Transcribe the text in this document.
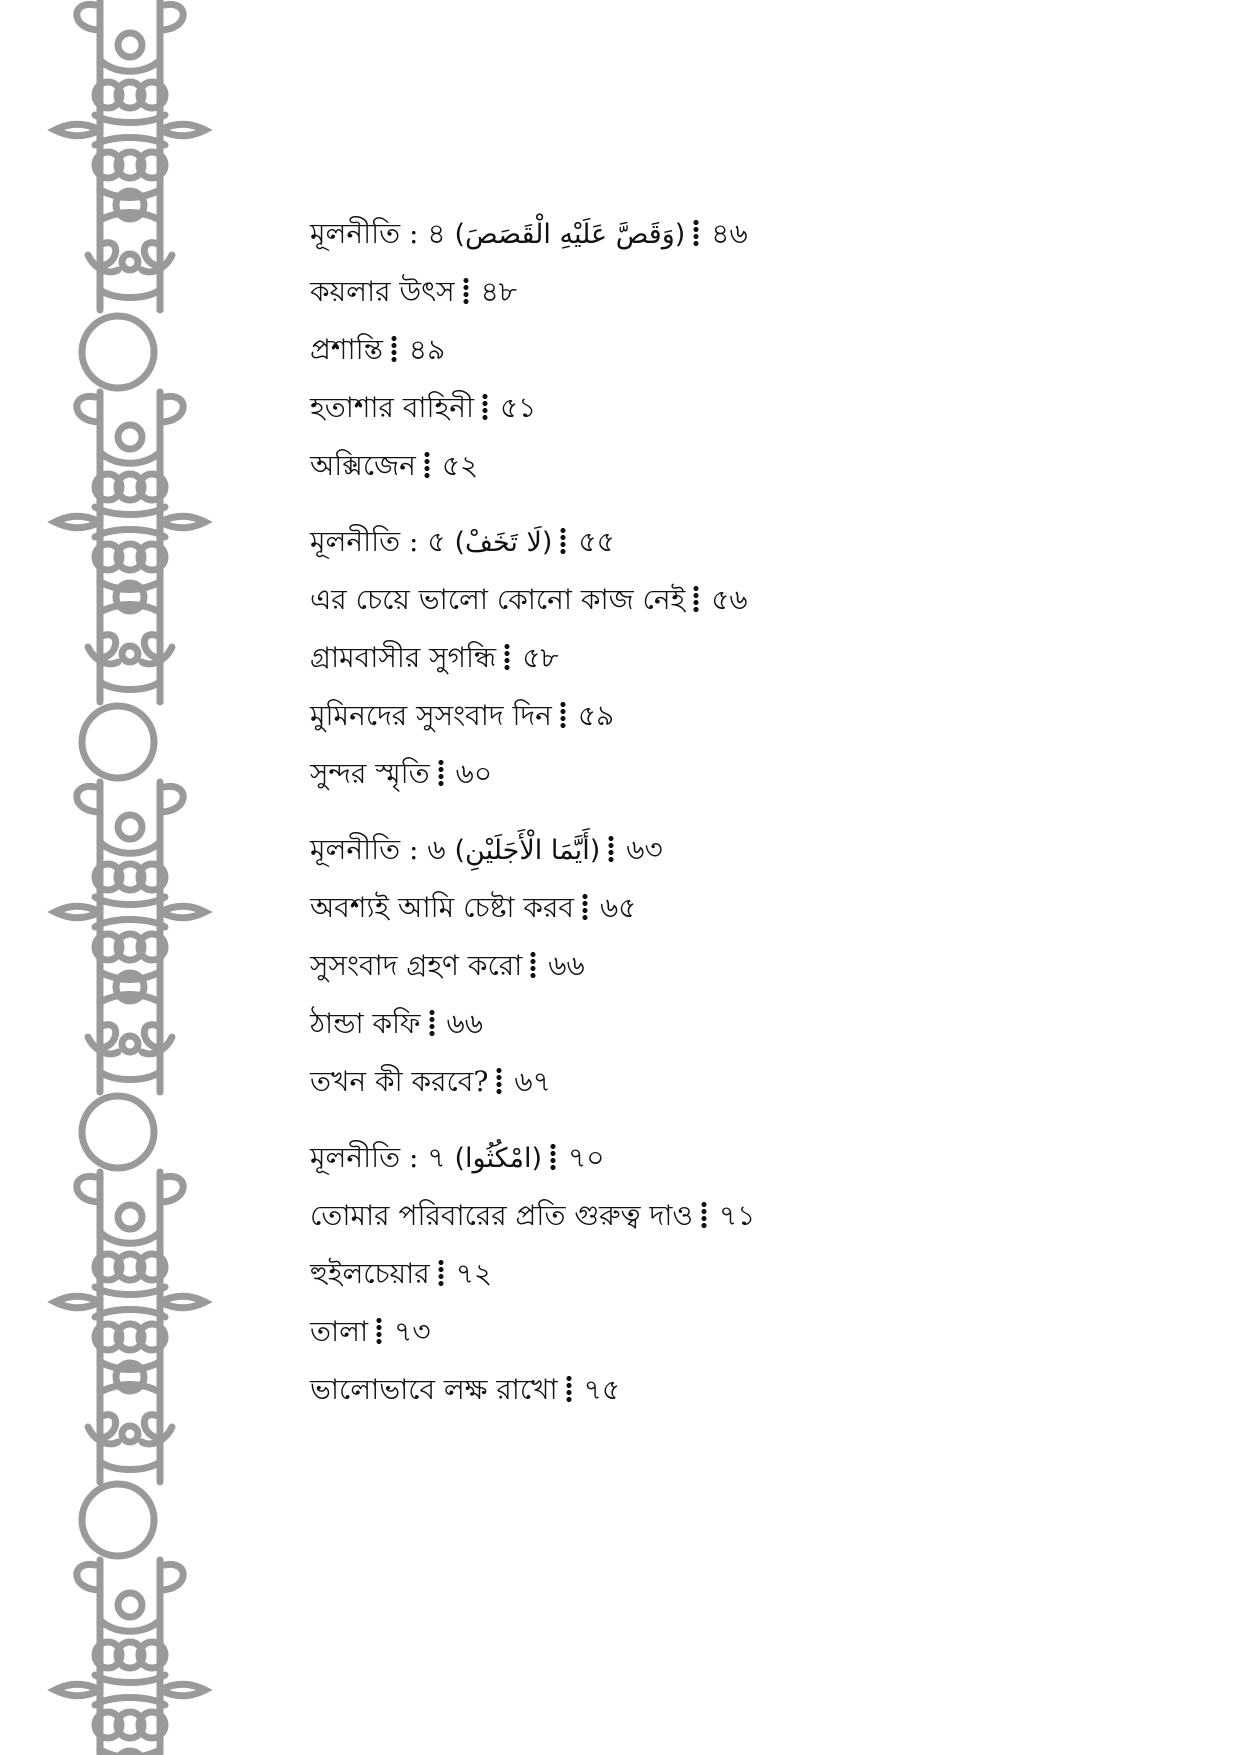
মূলনীতি : ৪ (وَقَصَّ عَلَيْهِ الْقَصَصَ) ৪৬
কয়লার উৎস ৪৮
প্রশান্তি ৪৯
হতাশার বাহিনী ৫১
অক্সিজেন ৫২
মূলনীতি : ৫ (لَا تَخَفْ) ৫৫
এর চেয়ে ভালো কোনো কাজ নেই ৫৬
গ্রামবাসীর সুগন্ধি ৫৮
মুমিনদের সুসংবাদ দিন ৫৯
সুন্দর স্মৃতি ৬০
মূলনীতি : ৬ (أَيَّمَا الْأَجَلَيْنِ) ৬৩
অবশ্যই আমি চেষ্টা করব ৬৫
সুসংবাদ গ্রহণ করো ৬৬
ঠান্ডা কফি ৬৬
তখন কী করবে? ৬৭
মূলনীতি : ৭ (امْكُثُوا) ৭০
তোমার পরিবারের প্রতি গুরুত্ব দাও ৭১
হুইলচেয়ার ৭২
তালা ৭৩
ভালোভাবে লক্ষ রাখো ৭৫
